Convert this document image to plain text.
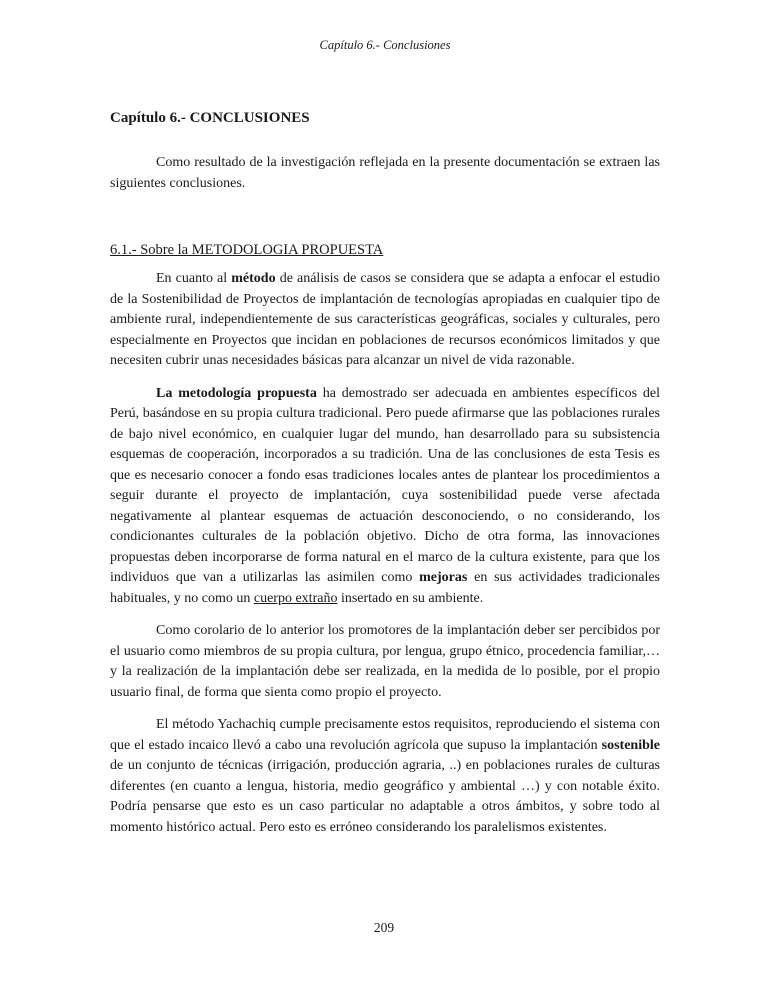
Capítulo 6.- Conclusiones
Capítulo 6.- CONCLUSIONES

Como resultado de la investigación reflejada en la presente documentación se extraen las siguientes conclusiones.

6.1.- Sobre la METODOLOGIA PROPUESTA

En cuanto al método de análisis de casos se considera que se adapta a enfocar el estudio de la Sostenibilidad de Proyectos de implantación de tecnologías apropiadas en cualquier tipo de ambiente rural, independientemente de sus características geográficas, sociales y culturales, pero especialmente en Proyectos que incidan en poblaciones de recursos económicos limitados y que necesiten cubrir unas necesidades básicas para alcanzar un nivel de vida razonable.

La metodología propuesta ha demostrado ser adecuada en ambientes específicos del Perú, basándose en su propia cultura tradicional. Pero puede afirmarse que las poblaciones rurales de bajo nivel económico, en cualquier lugar del mundo, han desarrollado para su subsistencia esquemas de cooperación, incorporados a su tradición. Una de las conclusiones de esta Tesis es que es necesario conocer a fondo esas tradiciones locales antes de plantear los procedimientos a seguir durante el proyecto de implantación, cuya sostenibilidad puede verse afectada negativamente al plantear esquemas de actuación desconociendo, o no considerando, los condicionantes culturales de la población objetivo. Dicho de otra forma, las innovaciones propuestas deben incorporarse de forma natural en el marco de la cultura existente, para que los individuos que van a utilizarlas las asimilen como mejoras en sus actividades tradicionales habituales, y no como un cuerpo extraño insertado en su ambiente.

Como corolario de lo anterior los promotores de la implantación deber ser percibidos por el usuario como miembros de su propia cultura, por lengua, grupo étnico, procedencia familiar,… y la realización de la implantación debe ser realizada, en la medida de lo posible, por el propio usuario final, de forma que sienta como propio el proyecto.

El método Yachachiq cumple precisamente estos requisitos, reproduciendo el sistema con que el estado incaico llevó a cabo una revolución agrícola que supuso la implantación sostenible de un conjunto de técnicas (irrigación, producción agraria, ..) en poblaciones rurales de culturas diferentes (en cuanto a lengua, historia, medio geográfico y ambiental …) y con notable éxito. Podría pensarse que esto es un caso particular no adaptable a otros ámbitos, y sobre todo al momento histórico actual. Pero esto es erróneo considerando los paralelismos existentes.

209
